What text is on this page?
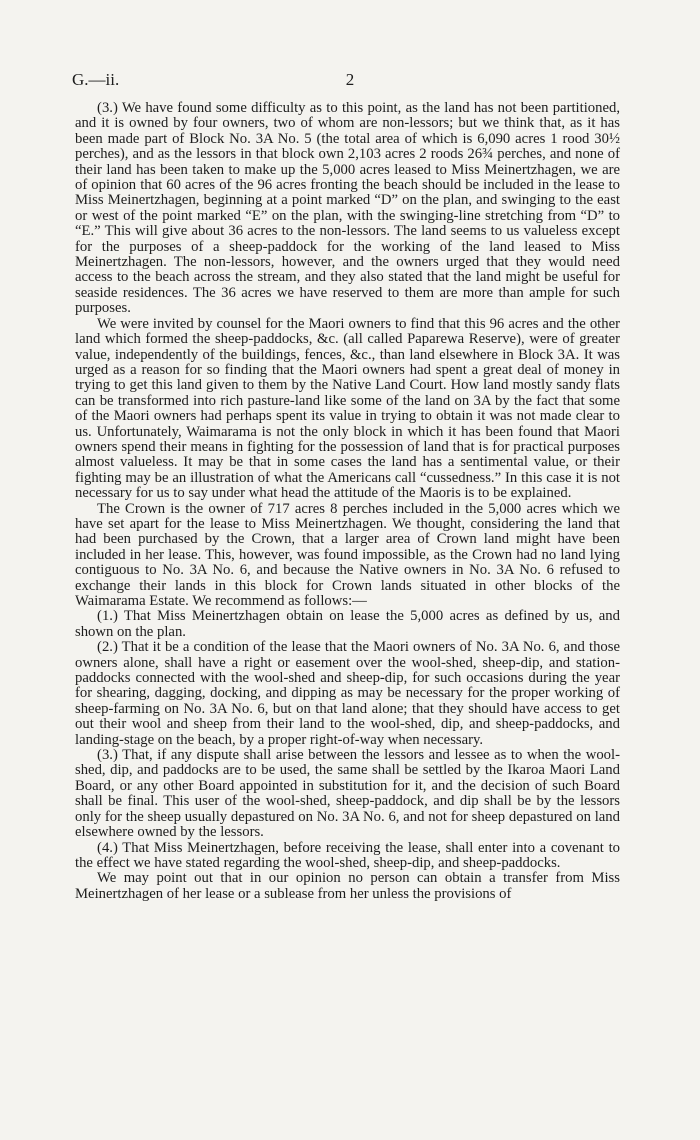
G.—ii.	2

(3.) We have found some difficulty as to this point, as the land has not been partitioned, and it is owned by four owners, two of whom are non-lessors; but we think that, as it has been made part of Block No. 3A No. 5 (the total area of which is 6,090 acres 1 rood 30½ perches), and as the lessors in that block own 2,103 acres 2 roods 26¾ perches, and none of their land has been taken to make up the 5,000 acres leased to Miss Meinertzhagen, we are of opinion that 60 acres of the 96 acres fronting the beach should be included in the lease to Miss Meinertzhagen, beginning at a point marked “D” on the plan, and swinging to the east or west of the point marked “E” on the plan, with the swinging-line stretching from “D” to “E.” This will give about 36 acres to the non-lessors. The land seems to us valueless except for the purposes of a sheep-paddock for the working of the land leased to Miss Meinertzhagen. The non-lessors, however, and the owners urged that they would need access to the beach across the stream, and they also stated that the land might be useful for seaside residences. The 36 acres we have reserved to them are more than ample for such purposes.

We were invited by counsel for the Maori owners to find that this 96 acres and the other land which formed the sheep-paddocks, &c. (all called Paparewa Reserve), were of greater value, independently of the buildings, fences, &c., than land elsewhere in Block 3A. It was urged as a reason for so finding that the Maori owners had spent a great deal of money in trying to get this land given to them by the Native Land Court. How land mostly sandy flats can be transformed into rich pasture-land like some of the land on 3A by the fact that some of the Maori owners had perhaps spent its value in trying to obtain it was not made clear to us. Unfortunately, Waimarama is not the only block in which it has been found that Maori owners spend their means in fighting for the possession of land that is for practical purposes almost valueless. It may be that in some cases the land has a sentimental value, or their fighting may be an illustration of what the Americans call “cussedness.” In this case it is not necessary for us to say under what head the attitude of the Maoris is to be explained.

The Crown is the owner of 717 acres 8 perches included in the 5,000 acres which we have set apart for the lease to Miss Meinertzhagen. We thought, considering the land that had been purchased by the Crown, that a larger area of Crown land might have been included in her lease. This, however, was found impossible, as the Crown had no land lying contiguous to No. 3A No. 6, and because the Native owners in No. 3A No. 6 refused to exchange their lands in this block for Crown lands situated in other blocks of the Waimarama Estate. We recommend as follows:—

(1.) That Miss Meinertzhagen obtain on lease the 5,000 acres as defined by us, and shown on the plan.

(2.) That it be a condition of the lease that the Maori owners of No. 3A No. 6, and those owners alone, shall have a right or easement over the wool-shed, sheep-dip, and station-paddocks connected with the wool-shed and sheep-dip, for such occasions during the year for shearing, dagging, docking, and dipping as may be necessary for the proper working of sheep-farming on No. 3A No. 6, but on that land alone; that they should have access to get out their wool and sheep from their land to the wool-shed, dip, and sheep-paddocks, and landing-stage on the beach, by a proper right-of-way when necessary.

(3.) That, if any dispute shall arise between the lessors and lessee as to when the wool-shed, dip, and paddocks are to be used, the same shall be settled by the Ikaroa Maori Land Board, or any other Board appointed in substitution for it, and the decision of such Board shall be final. This user of the wool-shed, sheep-paddock, and dip shall be by the lessors only for the sheep usually depastured on No. 3A No. 6, and not for sheep depastured on land elsewhere owned by the lessors.

(4.) That Miss Meinertzhagen, before receiving the lease, shall enter into a covenant to the effect we have stated regarding the wool-shed, sheep-dip, and sheep-paddocks.

We may point out that in our opinion no person can obtain a transfer from Miss Meinertzhagen of her lease or a sublease from her unless the provisions of
